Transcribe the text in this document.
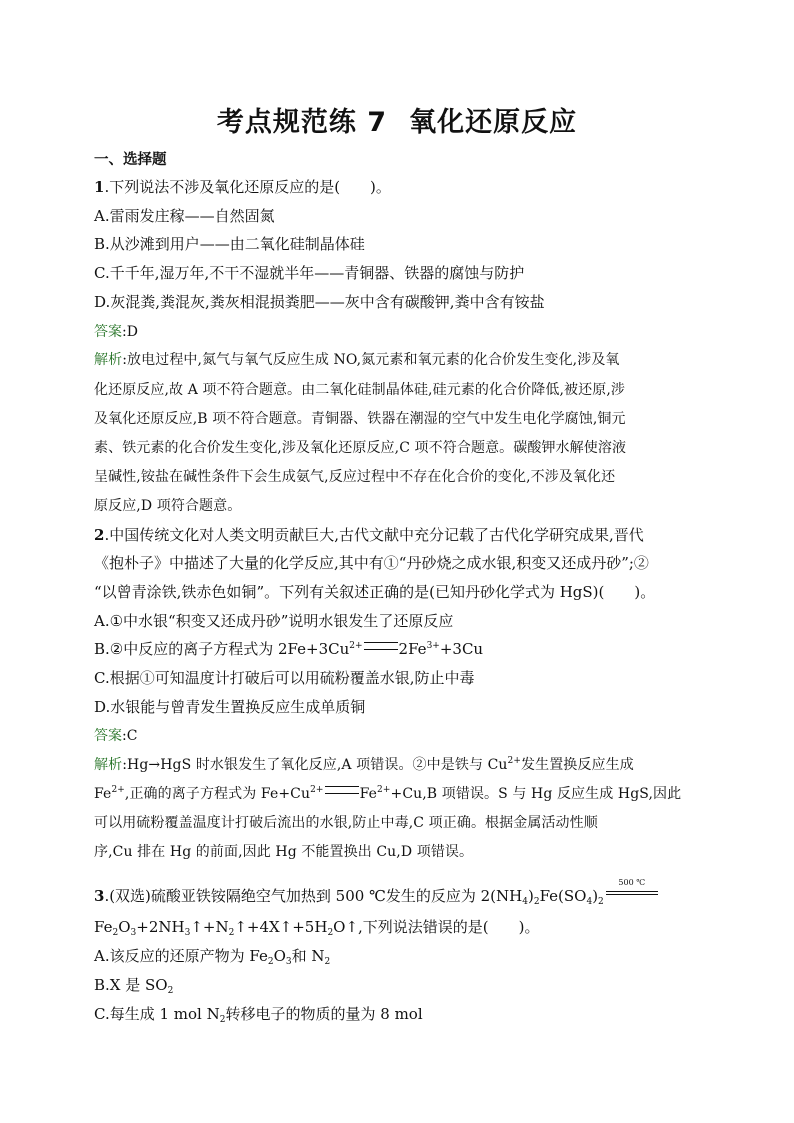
考点规范练 7 氧化还原反应
一、选择题
1.下列说法不涉及氧化还原反应的是(　　)。
A.雷雨发庄稼——自然固氮
B.从沙滩到用户——由二氧化硅制晶体硅
C.千千年,湿万年,不干不湿就半年——青铜器、铁器的腐蚀与防护
D.灰混粪,粪混灰,粪灰相混损粪肥——灰中含有碳酸钾,粪中含有铵盐
答案:D
解析:放电过程中,氮气与氧气反应生成 NO,氮元素和氧元素的化合价发生变化,涉及氧
化还原反应,故 A 项不符合题意。由二氧化硅制晶体硅,硅元素的化合价降低,被还原,涉
及氧化还原反应,B 项不符合题意。青铜器、铁器在潮湿的空气中发生电化学腐蚀,铜元
素、铁元素的化合价发生变化,涉及氧化还原反应,C 项不符合题意。碳酸钾水解使溶液
呈碱性,铵盐在碱性条件下会生成氨气,反应过程中不存在化合价的变化,不涉及氧化还
原反应,D 项符合题意。
2.中国传统文化对人类文明贡献巨大,古代文献中充分记载了古代化学研究成果,晋代
《抱朴子》中描述了大量的化学反应,其中有①“丹砂烧之成水银,积变又还成丹砂”;②
“以曾青涂铁,铁赤色如铜”。下列有关叙述正确的是(已知丹砂化学式为 HgS)(　　)。
A.①中水银“积变又还成丹砂”说明水银发生了还原反应
B.②中反应的离子方程式为 $2Fe+3Cu^{2+}$ $2Fe^{3+}+3Cu$
C.根据①可知温度计打破后可以用硫粉覆盖水银,防止中毒
D.水银能与曾青发生置换反应生成单质铜
答案:C
解析:Hg→HgS 时水银发生了氧化反应,A 项错误。②中是铁与 $Cu^{2+}$发生置换反应生成
$Fe^{2+}$,正确的离子方程式为 $Fe+Cu^{2+}$	$Fe^{2+}+Cu,B$ 项错误。S 与 Hg 反应生成 HgS,因此
可以用硫粉覆盖温度计打破后流出的水银,防止中毒,C 项正确。根据金属活动性顺
序,Cu 排在 Hg 的前面,因此 Hg 不能置换出 Cu,D 项错误。
3.(双选)硫酸亚铁铵隔绝空气加热到 500 ℃发生的反应为 $2(NH_4)_2Fe(SO_4)_2$
500 ℃
$Fe_2O_3+2NH_3↑+N_2↑+4X↑+5H_2O↑$,下列说法错误的是(　　)。
A.该反应的还原产物为 $Fe_2O_3$和 $N_2$
B.X 是 $SO_2$
C.每生成 1 mol $N_2$转移电子的物质的量为 8 mol
